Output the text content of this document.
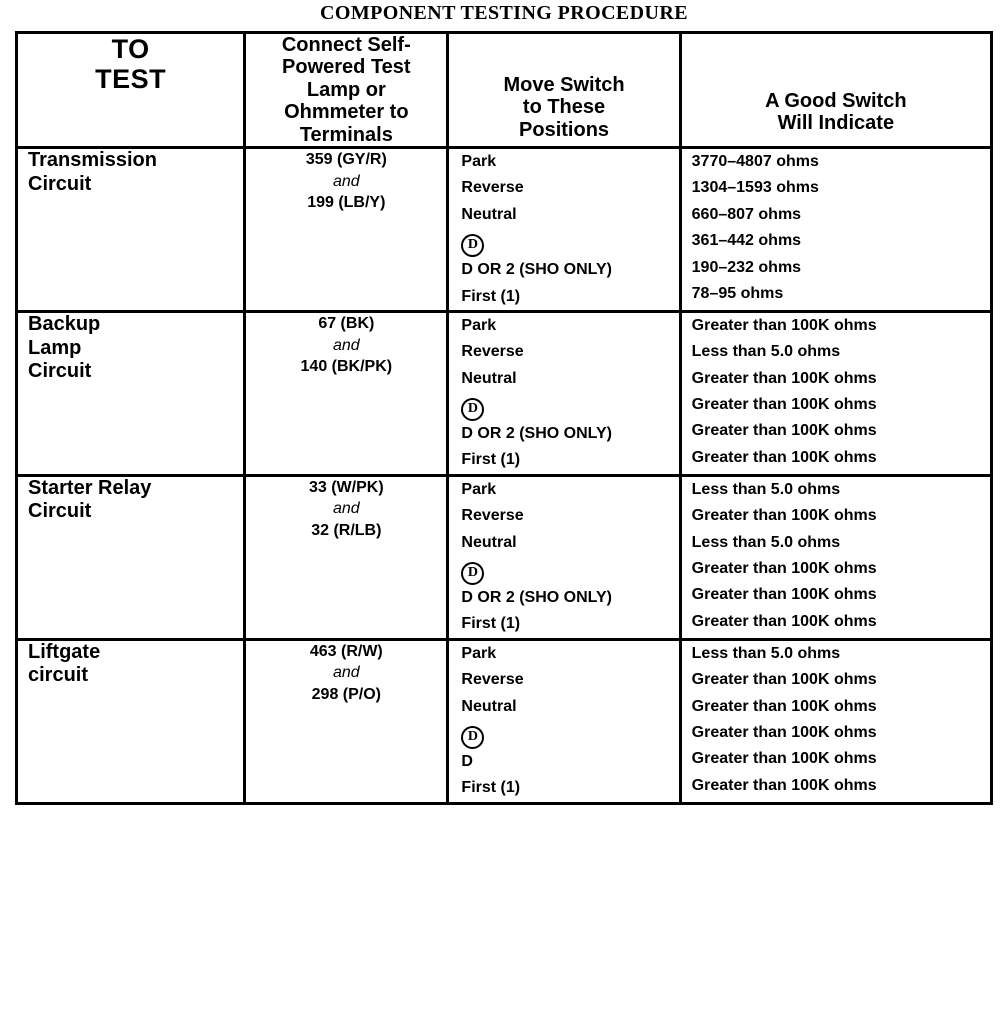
COMPONENT TESTING PROCEDURE
TO
TEST

Connect Self-
Powered Test
Lamp or
Ohmmeter to
Terminals

Move Switch
to These
Positions

A Good Switch
Will Indicate

Transmission
Circuit

359 (GY/R)
and
199 (LB/Y)

Park
Reverse
Neutral
D
D OR 2 (SHO ONLY)
First (1)

3770–4807 ohms
1304–1593 ohms
660–807 ohms
361–442 ohms
190–232 ohms
78–95 ohms

Backup
Lamp
Circuit

67 (BK)
and
140 (BK/PK)

Park
Reverse
Neutral
D
D OR 2 (SHO ONLY)
First (1)

Greater than 100K ohms
Less than 5.0 ohms
Greater than 100K ohms
Greater than 100K ohms
Greater than 100K ohms
Greater than 100K ohms

Starter Relay
Circuit

33 (W/PK)
and
32 (R/LB)

Park
Reverse
Neutral
D
D OR 2 (SHO ONLY)
First (1)

Less than 5.0 ohms
Greater than 100K ohms
Less than 5.0 ohms
Greater than 100K ohms
Greater than 100K ohms
Greater than 100K ohms

Liftgate
circuit

463 (R/W)
and
298 (P/O)

Park
Reverse
Neutral
D
D
First (1)

Less than 5.0 ohms
Greater than 100K ohms
Greater than 100K ohms
Greater than 100K ohms
Greater than 100K ohms
Greater than 100K ohms
